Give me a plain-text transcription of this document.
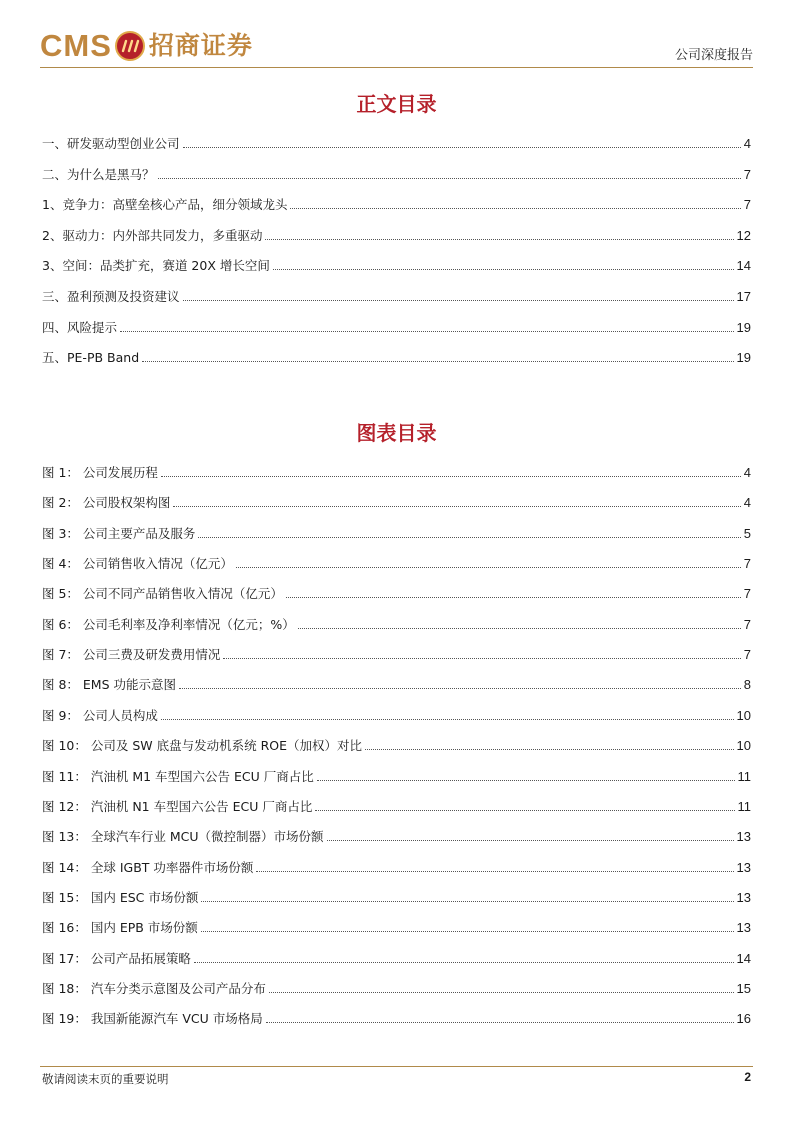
CMS 招商证券	公司深度报告
正文目录
一、研发驱动型创业公司	4
二、为什么是黑马？	7
1、竞争力：高壁垒核心产品，细分领域龙头	7
2、驱动力：内外部共同发力，多重驱动	12
3、空间：品类扩充，赛道 20X 增长空间	14
三、盈利预测及投资建议	17
四、风险提示	19
五、PE-PB Band	19
图表目录
图 1： 公司发展历程	4
图 2： 公司股权架构图	4
图 3： 公司主要产品及服务	5
图 4： 公司销售收入情况（亿元）	7
图 5： 公司不同产品销售收入情况（亿元）	7
图 6： 公司毛利率及净利率情况（亿元；%）	7
图 7： 公司三费及研发费用情况	7
图 8： EMS 功能示意图	8
图 9： 公司人员构成	10
图 10： 公司及 SW 底盘与发动机系统 ROE（加权）对比	10
图 11： 汽油机 M1 车型国六公告 ECU 厂商占比	11
图 12： 汽油机 N1 车型国六公告 ECU 厂商占比	11
图 13： 全球汽车行业 MCU（微控制器）市场份额	13
图 14： 全球 IGBT 功率器件市场份额	13
图 15： 国内 ESC 市场份额	13
图 16： 国内 EPB 市场份额	13
图 17： 公司产品拓展策略	14
图 18： 汽车分类示意图及公司产品分布	15
图 19： 我国新能源汽车 VCU 市场格局	16
敬请阅读末页的重要说明	2
